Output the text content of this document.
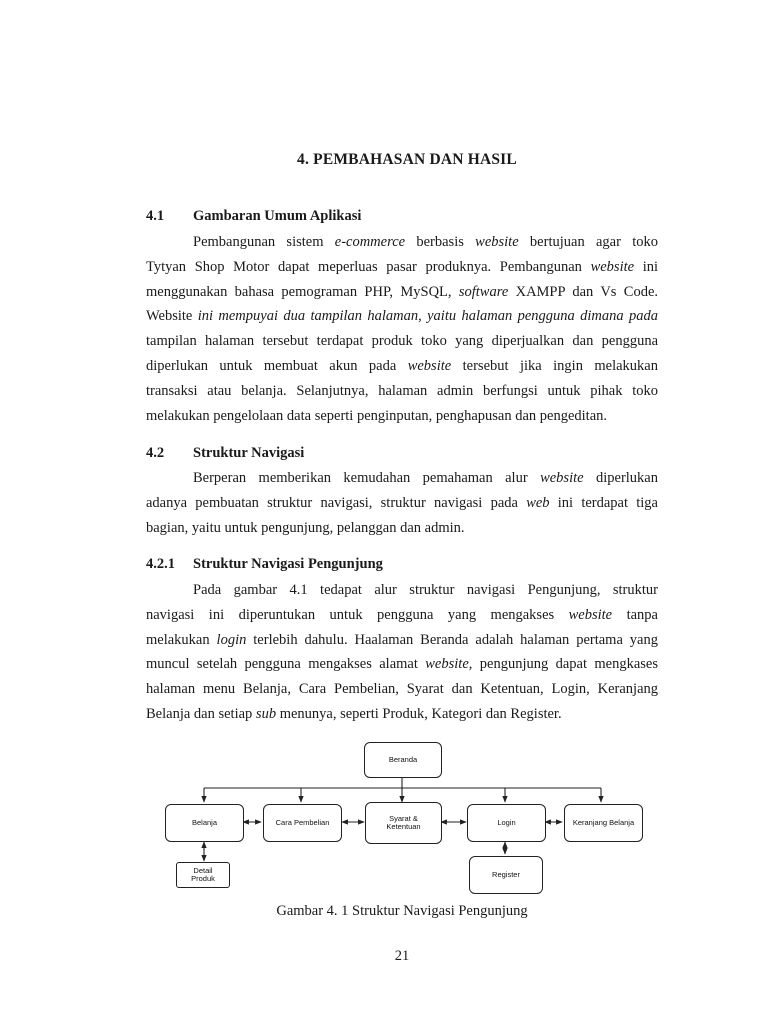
4. PEMBAHASAN DAN HASIL
4.1 Gambaran Umum Aplikasi
Pembangunan sistem e-commerce berbasis website bertujuan agar toko
Tytyan Shop Motor dapat meperluas pasar produknya. Pembangunan website ini
menggunakan bahasa pemograman PHP, MySQL, software XAMPP dan Vs Code.
Website ini mempuyai dua tampilan halaman, yaitu halaman pengguna dimana pada
tampilan halaman tersebut terdapat produk toko yang diperjualkan dan pengguna
diperlukan untuk membuat akun pada website tersebut jika ingin melakukan
transaksi atau belanja. Selanjutnya, halaman admin berfungsi untuk pihak toko
melakukan pengelolaan data seperti penginputan, penghapusan dan pengeditan.
4.2 Struktur Navigasi
Berperan memberikan kemudahan pemahaman alur website diperlukan
adanya pembuatan struktur navigasi, struktur navigasi pada web ini terdapat tiga
bagian, yaitu untuk pengunjung, pelanggan dan admin.
4.2.1 Struktur Navigasi Pengunjung
Pada gambar 4.1 tedapat alur struktur navigasi Pengunjung, struktur
navigasi ini diperuntukan untuk pengguna yang mengakses website tanpa
melakukan login terlebih dahulu. Haalaman Beranda adalah halaman pertama yang
muncul setelah pengguna mengakses alamat website, pengunjung dapat mengkases
halaman menu Belanja, Cara Pembelian, Syarat dan Ketentuan, Login, Keranjang
Belanja dan setiap sub menunya, seperti Produk, Kategori dan Register.
Beranda
Belanja	Cara Pembelian	Syarat &
Ketentuan	Login	Keranjang Belanja
Detail
Produk	Register
Gambar 4. 1 Struktur Navigasi Pengunjung
21
